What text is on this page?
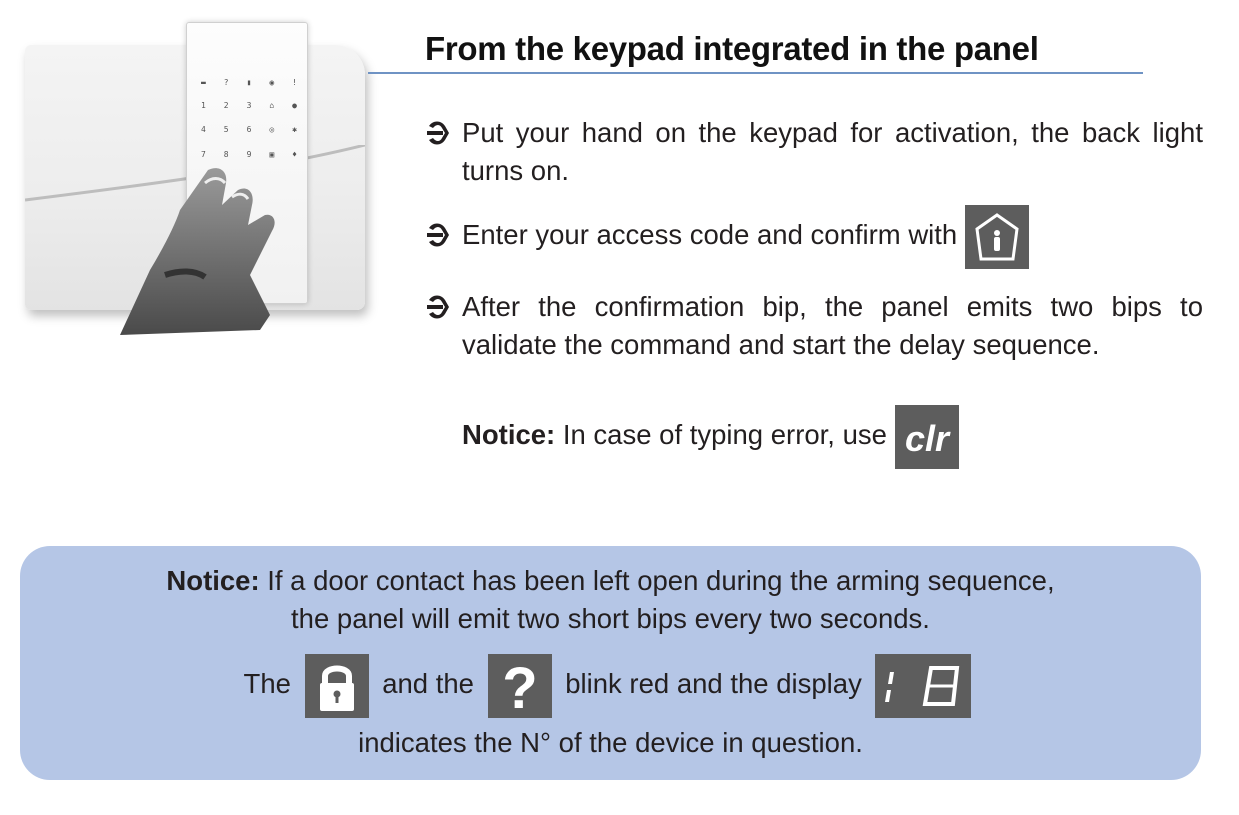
▬ ? ▮ ◉ !
1 2 3 ⌂ ●
4 5 6 ◎ ✱
7 8 9 ▣ ♦
From the keypad integrated in the panel
Put your hand on the keypad for activation, the back light turns on.
Enter your access code and confirm with
After the confirmation bip, the panel emits two bips to validate the command and start the delay sequence.
Notice: In case of typing error, use clr
Notice: If a door contact has been left open during the arming sequence,
the panel will emit two short bips every two seconds.
The	and the ? blink red and the display
indicates the N° of the device in question.
